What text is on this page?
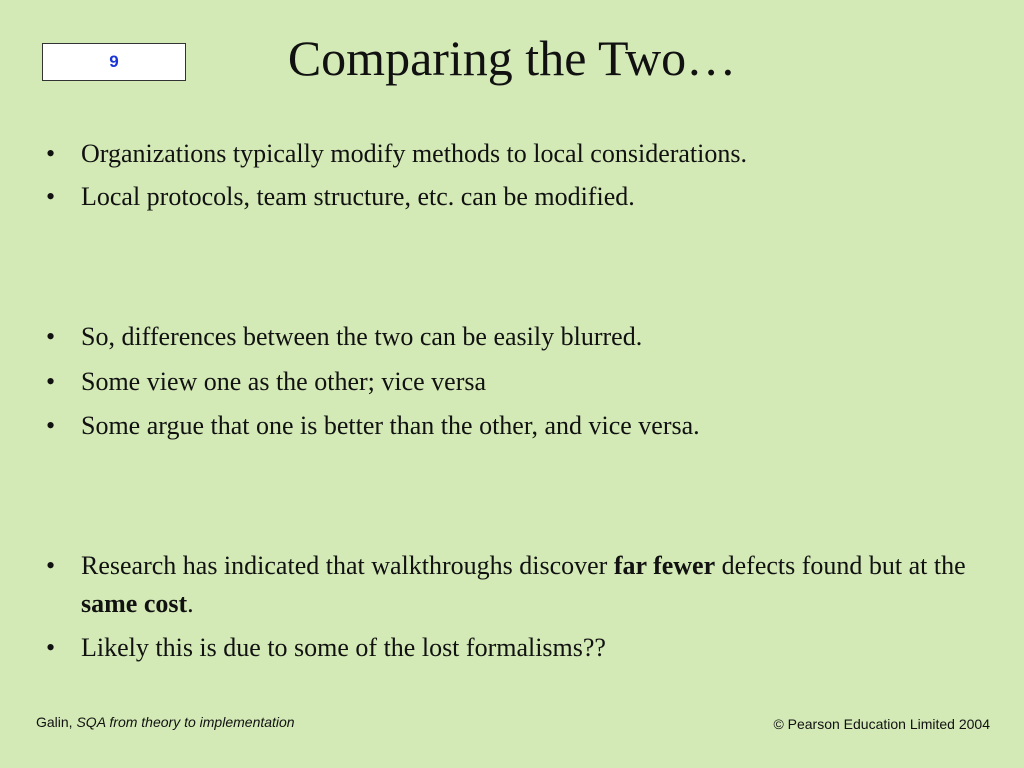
9	Comparing the Two…
• Organizations typically modify methods to local considerations.
• Local protocols, team structure, etc. can be modified.
• So, differences between the two can be easily blurred.
• Some view one as the other; vice versa
• Some argue that one is better than the other, and vice versa.
• Research has indicated that walkthroughs discover far fewer defects found but at the same cost.
• Likely this is due to some of the lost formalisms??
Galin, SQA from theory to implementation	© Pearson Education Limited 2004
